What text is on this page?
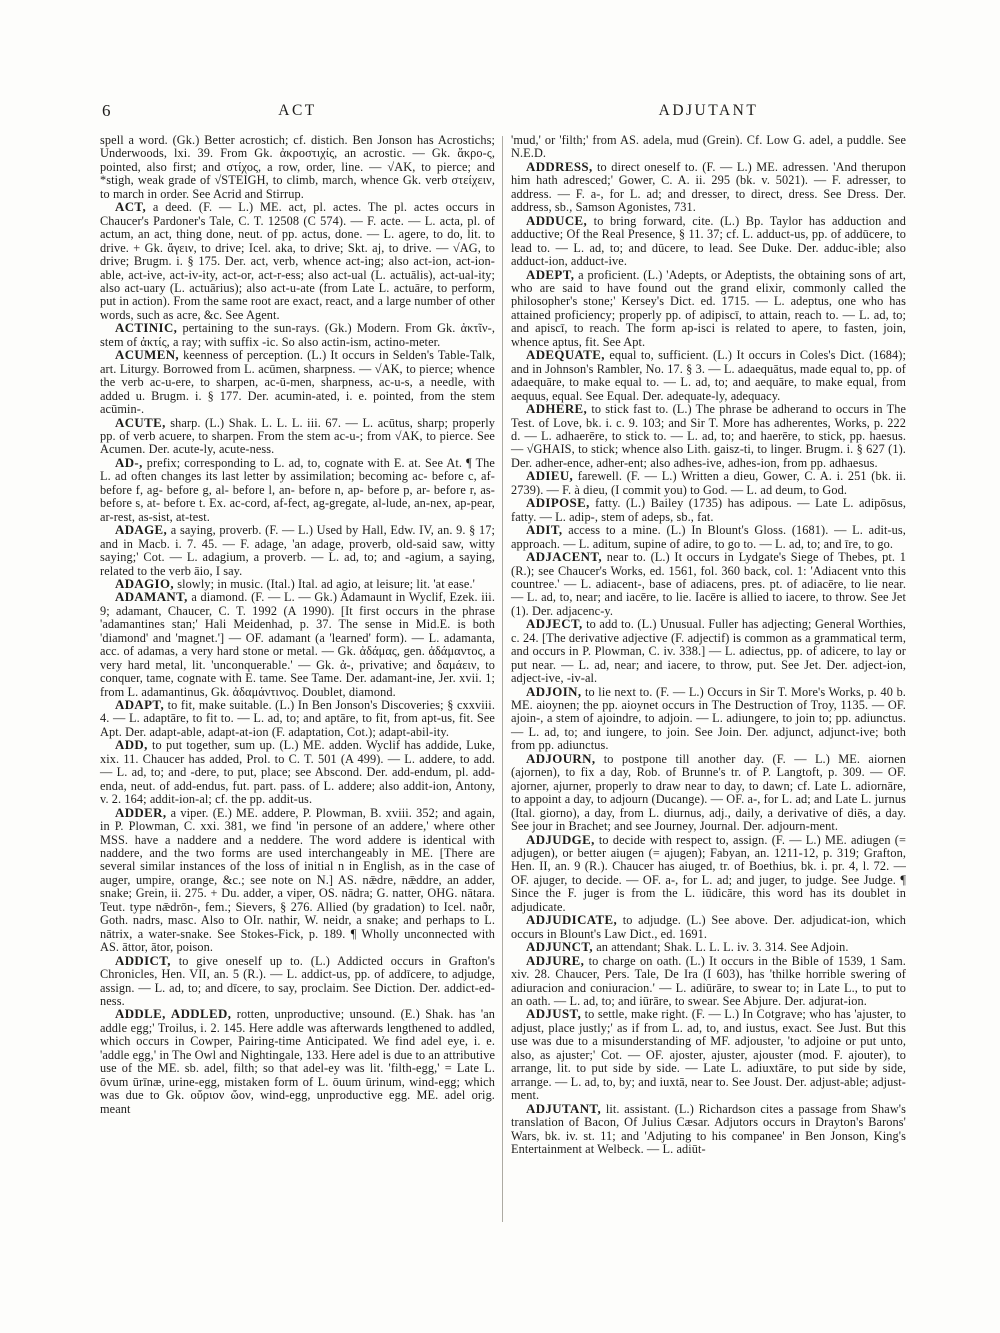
6	ACT	ADJUTANT

spell a word. (Gk.) Better acrostich; cf. distich. Ben Jonson has Acrostichs; Underwoods, lxi. 39. From Gk. ἀκροστιχίς, an acrostic. — Gk. ἄκρο-ς, pointed, also first; and στίχος, a row, order, line. — √AK, to pierce; and *stigh, weak grade of √STEIGH, to climb, march, whence Gk. verb στείχειν, to march in order. See Acrid and Stirrup.

ACT, a deed. (F. — L.) ME. act, pl. actes. The pl. actes occurs in Chaucer's Pardoner's Tale, C. T. 12508 (C 574). — F. acte. — L. acta, pl. of actum, an act, thing done, neut. of pp. actus, done. — L. agere, to do, lit. to drive. + Gk. ἄγειν, to drive; Icel. aka, to drive; Skt. aj, to drive. — √AG, to drive; Brugm. i. § 175. Der. act, verb, whence act-ing; also act-ion, act-ion-able, act-ive, act-iv-ity, act-or, act-r-ess; also act-ual (L. actuālis), act-ual-ity; also act-uary (L. actuārius); also act-u-ate (from Late L. actuāre, to perform, put in action). From the same root are exact, react, and a large number of other words, such as acre, &c. See Agent.

ACTINIC, pertaining to the sun-rays. (Gk.) Modern. From Gk. ἀκτῖν-, stem of ἀκτίς, a ray; with suffix -ic. So also actin-ism, actino-meter.

ACUMEN, keenness of perception. (L.) It occurs in Selden's Table-Talk, art. Liturgy. Borrowed from L. acūmen, sharpness. — √AK, to pierce; whence the verb ac-u-ere, to sharpen, ac-ū-men, sharpness, ac-u-s, a needle, with added u. Brugm. i. § 177. Der. acumin-ated, i. e. pointed, from the stem acūmin-.

ACUTE, sharp. (L.) Shak. L. L. L. iii. 67. — L. acūtus, sharp; properly pp. of verb acuere, to sharpen. From the stem ac-u-; from √AK, to pierce. See Acumen. Der. acute-ly, acute-ness.

AD-, prefix; corresponding to L. ad, to, cognate with E. at. See At. ¶ The L. ad often changes its last letter by assimilation; becoming ac- before c, af- before f, ag- before g, al- before l, an- before n, ap- before p, ar- before r, as- before s, at- before t. Ex. ac-cord, af-fect, ag-gregate, al-lude, an-nex, ap-pear, ar-rest, as-sist, at-test.

ADAGE, a saying, proverb. (F. — L.) Used by Hall, Edw. IV, an. 9. § 17; and in Macb. i. 7. 45. — F. adage, 'an adage, proverb, old-said saw, witty saying;' Cot. — L. adagium, a proverb. — L. ad, to; and -agium, a saying, related to the verb āio, I say.

ADAGIO, slowly; in music. (Ital.) Ital. ad agio, at leisure; lit. 'at ease.'

ADAMANT, a diamond. (F. — L. — Gk.) Adamaunt in Wyclif, Ezek. iii. 9; adamant, Chaucer, C. T. 1992 (A 1990). [It first occurs in the phrase 'adamantines stan;' Hali Meidenhad, p. 37. The sense in Mid.E. is both 'diamond' and 'magnet.'] — OF. adamant (a 'learned' form). — L. adamanta, acc. of adamas, a very hard stone or metal. — Gk. ἀδάμας, gen. ἀδάμαντος, a very hard metal, lit. 'unconquerable.' — Gk. ἀ-, privative; and δαμάειν, to conquer, tame, cognate with E. tame. See Tame. Der. adamant-ine, Jer. xvii. 1; from L. adamantinus, Gk. ἀδαμάντινος. Doublet, diamond.

ADAPT, to fit, make suitable. (L.) In Ben Jonson's Discoveries; § cxxviii. 4. — L. adaptāre, to fit to. — L. ad, to; and aptāre, to fit, from apt-us, fit. See Apt. Der. adapt-able, adapt-at-ion (F. adaptation, Cot.); adapt-abil-ity.

ADD, to put together, sum up. (L.) ME. adden. Wyclif has addide, Luke, xix. 11. Chaucer has added, Prol. to C. T. 501 (A 499). — L. addere, to add. — L. ad, to; and -dere, to put, place; see Abscond. Der. add-endum, pl. add-enda, neut. of add-endus, fut. part. pass. of L. addere; also addit-ion, Antony, v. 2. 164; addit-ion-al; cf. the pp. addit-us.

ADDER, a viper. (E.) ME. addere, P. Plowman, B. xviii. 352; and again, in P. Plowman, C. xxi. 381, we find 'in persone of an addere,' where other MSS. have a naddere and a neddere. The word addere is identical with naddere, and the two forms are used interchangeably in ME. [There are several similar instances of the loss of initial n in English, as in the case of auger, umpire, orange, &c.; see note on N.] AS. nǣdre, nǣddre, an adder, snake; Grein, ii. 275. + Du. adder, a viper, OS. nādra; G. natter, OHG. nātara. Teut. type nǣdrōn-, fem.; Sievers, § 276. Allied (by gradation) to Icel. naðr, Goth. nadrs, masc. Also to OIr. nathir, W. neidr, a snake; and perhaps to L. nātrix, a water-snake. See Stokes-Fick, p. 189. ¶ Wholly unconnected with AS. āttor, ātor, poison.

ADDICT, to give oneself up to. (L.) Addicted occurs in Grafton's Chronicles, Hen. VII, an. 5 (R.). — L. addict-us, pp. of addīcere, to adjudge, assign. — L. ad, to; and dīcere, to say, proclaim. See Diction. Der. addict-ed-ness.

ADDLE, ADDLED, rotten, unproductive; unsound. (E.) Shak. has 'an addle egg;' Troilus, i. 2. 145. Here addle was afterwards lengthened to addled, which occurs in Cowper, Pairing-time Anticipated. We find adel eye, i. e. 'addle egg,' in The Owl and Nightingale, 133. Here adel is due to an attributive use of the ME. sb. adel, filth; so that adel-ey was lit. 'filth-egg,' = Late L. ōvum ūrīnæ, urine-egg, mistaken form of L. ōuum ūrinum, wind-egg; which was due to Gk. οὔριον ὤον, wind-egg, unproductive egg. ME. adel orig. meant

'mud,' or 'filth;' from AS. adela, mud (Grein). Cf. Low G. adel, a puddle. See N.E.D.

ADDRESS, to direct oneself to. (F. — L.) ME. adressen. 'And therupon him hath adresced;' Gower, C. A. ii. 295 (bk. v. 5021). — F. adresser, to address. — F. a-, for L. ad; and dresser, to direct, dress. See Dress. Der. address, sb., Samson Agonistes, 731.

ADDUCE, to bring forward, cite. (L.) Bp. Taylor has adduction and adductive; Of the Real Presence, § 11. 37; cf. L. adduct-us, pp. of addūcere, to lead to. — L. ad, to; and dūcere, to lead. See Duke. Der. adduc-ible; also adduct-ion, adduct-ive.

ADEPT, a proficient. (L.) 'Adepts, or Adeptists, the obtaining sons of art, who are said to have found out the grand elixir, commonly called the philosopher's stone;' Kersey's Dict. ed. 1715. — L. adeptus, one who has attained proficiency; properly pp. of adipiscī, to attain, reach to. — L. ad, to; and apiscī, to reach. The form ap-isci is related to apere, to fasten, join, whence aptus, fit. See Apt.

ADEQUATE, equal to, sufficient. (L.) It occurs in Coles's Dict. (1684); and in Johnson's Rambler, No. 17. § 3. — L. adaequātus, made equal to, pp. of adaequāre, to make equal to. — L. ad, to; and aequāre, to make equal, from aequus, equal. See Equal. Der. adequate-ly, adequacy.

ADHERE, to stick fast to. (L.) The phrase be adherand to occurs in The Test. of Love, bk. i. c. 9. 103; and Sir T. More has adherentes, Works, p. 222 d. — L. adhaerēre, to stick to. — L. ad, to; and haerēre, to stick, pp. haesus. — √GHAIS, to stick; whence also Lith. gaisz-ti, to linger. Brugm. i. § 627 (1). Der. adher-ence, adher-ent; also adhes-ive, adhes-ion, from pp. adhaesus.

ADIEU, farewell. (F. — L.) Written a dieu, Gower, C. A. i. 251 (bk. ii. 2739). — F. à dieu, (I commit you) to God. — L. ad deum, to God.

ADIPOSE, fatty. (L.) Bailey (1735) has adipous. — Late L. adipōsus, fatty. — L. adip-, stem of adeps, sb., fat.

ADIT, access to a mine. (L.) In Blount's Gloss. (1681). — L. adit-us, approach. — L. aditum, supine of adire, to go to. — L. ad, to; and īre, to go.

ADJACENT, near to. (L.) It occurs in Lydgate's Siege of Thebes, pt. 1 (R.); see Chaucer's Works, ed. 1561, fol. 360 back, col. 1: 'Adiacent vnto this countree.' — L. adiacent-, base of adiacens, pres. pt. of adiacēre, to lie near. — L. ad, to, near; and iacēre, to lie. Iacēre is allied to iacere, to throw. See Jet (1). Der. adjacenc-y.

ADJECT, to add to. (L.) Unusual. Fuller has adjecting; General Worthies, c. 24. [The derivative adjective (F. adjectif) is common as a grammatical term, and occurs in P. Plowman, C. iv. 338.] — L. adiectus, pp. of adicere, to lay or put near. — L. ad, near; and iacere, to throw, put. See Jet. Der. adject-ion, adject-ive, -iv-al.

ADJOIN, to lie next to. (F. — L.) Occurs in Sir T. More's Works, p. 40 b. ME. aioynen; the pp. aioynet occurs in The Destruction of Troy, 1135. — OF. ajoin-, a stem of ajoindre, to adjoin. — L. adiungere, to join to; pp. adiunctus. — L. ad, to; and iungere, to join. See Join. Der. adjunct, adjunct-ive; both from pp. adiunctus.

ADJOURN, to postpone till another day. (F. — L.) ME. aiornen (ajornen), to fix a day, Rob. of Brunne's tr. of P. Langtoft, p. 309. — OF. ajorner, ajurner, properly to draw near to day, to dawn; cf. Late L. adiornāre, to appoint a day, to adjourn (Ducange). — OF. a-, for L. ad; and Late L. jurnus (Ital. giorno), a day, from L. diurnus, adj., daily, a derivative of diēs, a day. See jour in Brachet; and see Journey, Journal. Der. adjourn-ment.

ADJUDGE, to decide with respect to, assign. (F. — L.) ME. adiugen (= adjugen), or better aiugen (= ajugen); Fabyan, an. 1211-12, p. 319; Grafton, Hen. II, an. 9 (R.). Chaucer has aiuged, tr. of Boethius, bk. i. pr. 4, l. 72. — OF. ajuger, to decide. — OF. a-, for L. ad; and juger, to judge. See Judge. ¶ Since the F. juger is from the L. iūdicāre, this word has its doublet in adjudicate.

ADJUDICATE, to adjudge. (L.) See above. Der. adjudicat-ion, which occurs in Blount's Law Dict., ed. 1691.

ADJUNCT, an attendant; Shak. L. L. L. iv. 3. 314. See Adjoin.

ADJURE, to charge on oath. (L.) It occurs in the Bible of 1539, 1 Sam. xiv. 28. Chaucer, Pers. Tale, De Ira (I 603), has 'thilke horrible swering of adiuracion and coniuracion.' — L. adiūrāre, to swear to; in Late L., to put to an oath. — L. ad, to; and iūrāre, to swear. See Abjure. Der. adjurat-ion.

ADJUST, to settle, make right. (F. — L.) In Cotgrave; who has 'ajuster, to adjust, place justly;' as if from L. ad, to, and iustus, exact. See Just. But this use was due to a misunderstanding of MF. adjouster, 'to adjoine or put unto, also, as ajuster;' Cot. — OF. ajoster, ajuster, ajouster (mod. F. ajouter), to arrange, lit. to put side by side. — Late L. adiuxtāre, to put side by side, arrange. — L. ad, to, by; and iuxtā, near to. See Joust. Der. adjust-able; adjust-ment.

ADJUTANT, lit. assistant. (L.) Richardson cites a passage from Shaw's translation of Bacon, Of Julius Cæsar. Adjutors occurs in Drayton's Barons' Wars, bk. iv. st. 11; and 'Adjuting to his companee' in Ben Jonson, King's Entertainment at Welbeck. — L. adiūt-
